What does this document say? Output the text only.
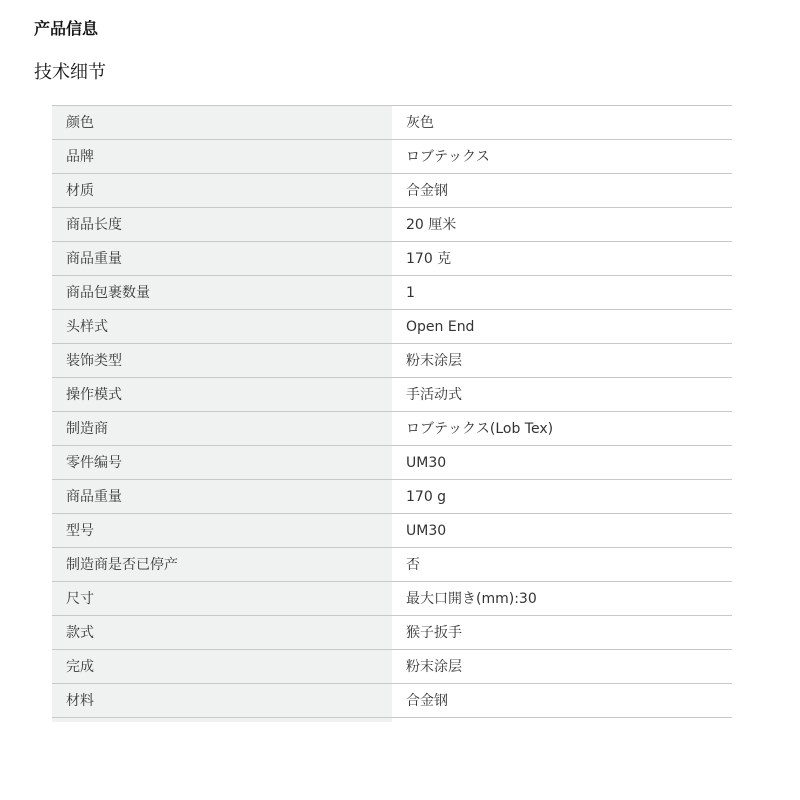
产品信息
技术细节
颜色	灰色
品牌	ロブテックス
材质	合金钢
商品长度	20 厘米
商品重量	170 克
商品包裹数量	1
头样式	Open End
装饰类型	粉末涂层
操作模式	手活动式
制造商	ロブテックス(Lob Tex)
零件编号	UM30
商品重量	170 g
型号	UM30
制造商是否已停产	否
尺寸	最大口開き(mm):30
款式	猴子扳手
完成	粉末涂层
材料	合金钢
